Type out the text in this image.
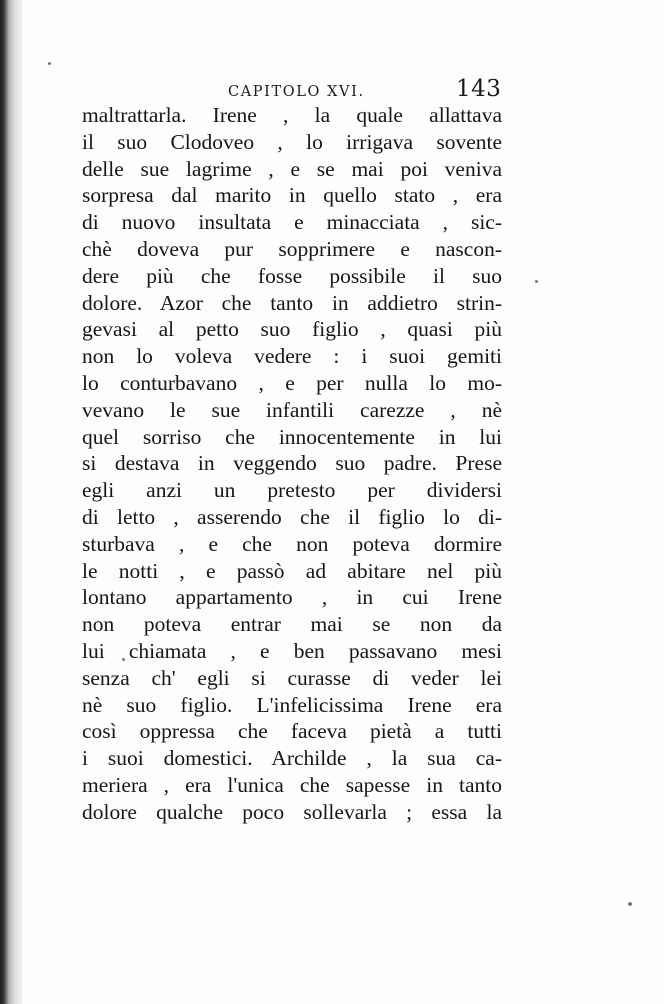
CAPITOLO XVI.	143
maltrattarla. Irene , la quale allattava
il suo Clodoveo , lo irrigava sovente
delle sue lagrime , e se mai poi veniva
sorpresa dal marito in quello stato , era
di nuovo insultata e minacciata , sic-
chè doveva pur sopprimere e nascon-
dere più che fosse possibile il suo
dolore. Azor che tanto in addietro strin-
gevasi al petto suo figlio , quasi più
non lo voleva vedere : i suoi gemiti
lo conturbavano , e per nulla lo mo-
vevano le sue infantili carezze , nè
quel sorriso che innocentemente in lui
si destava in veggendo suo padre. Prese
egli anzi un pretesto per dividersi
di letto , asserendo che il figlio lo di-
sturbava , e che non poteva dormire
le notti , e passò ad abitare nel più
lontano appartamento , in cui Irene
non poteva entrar mai se non da
lui chiamata , e ben passavano mesi
senza ch' egli si curasse di veder lei
nè suo figlio. L'infelicissima Irene era
così oppressa che faceva pietà a tutti
i suoi domestici. Archilde , la sua ca-
meriera , era l'unica che sapesse in tanto
dolore qualche poco sollevarla ; essa la
